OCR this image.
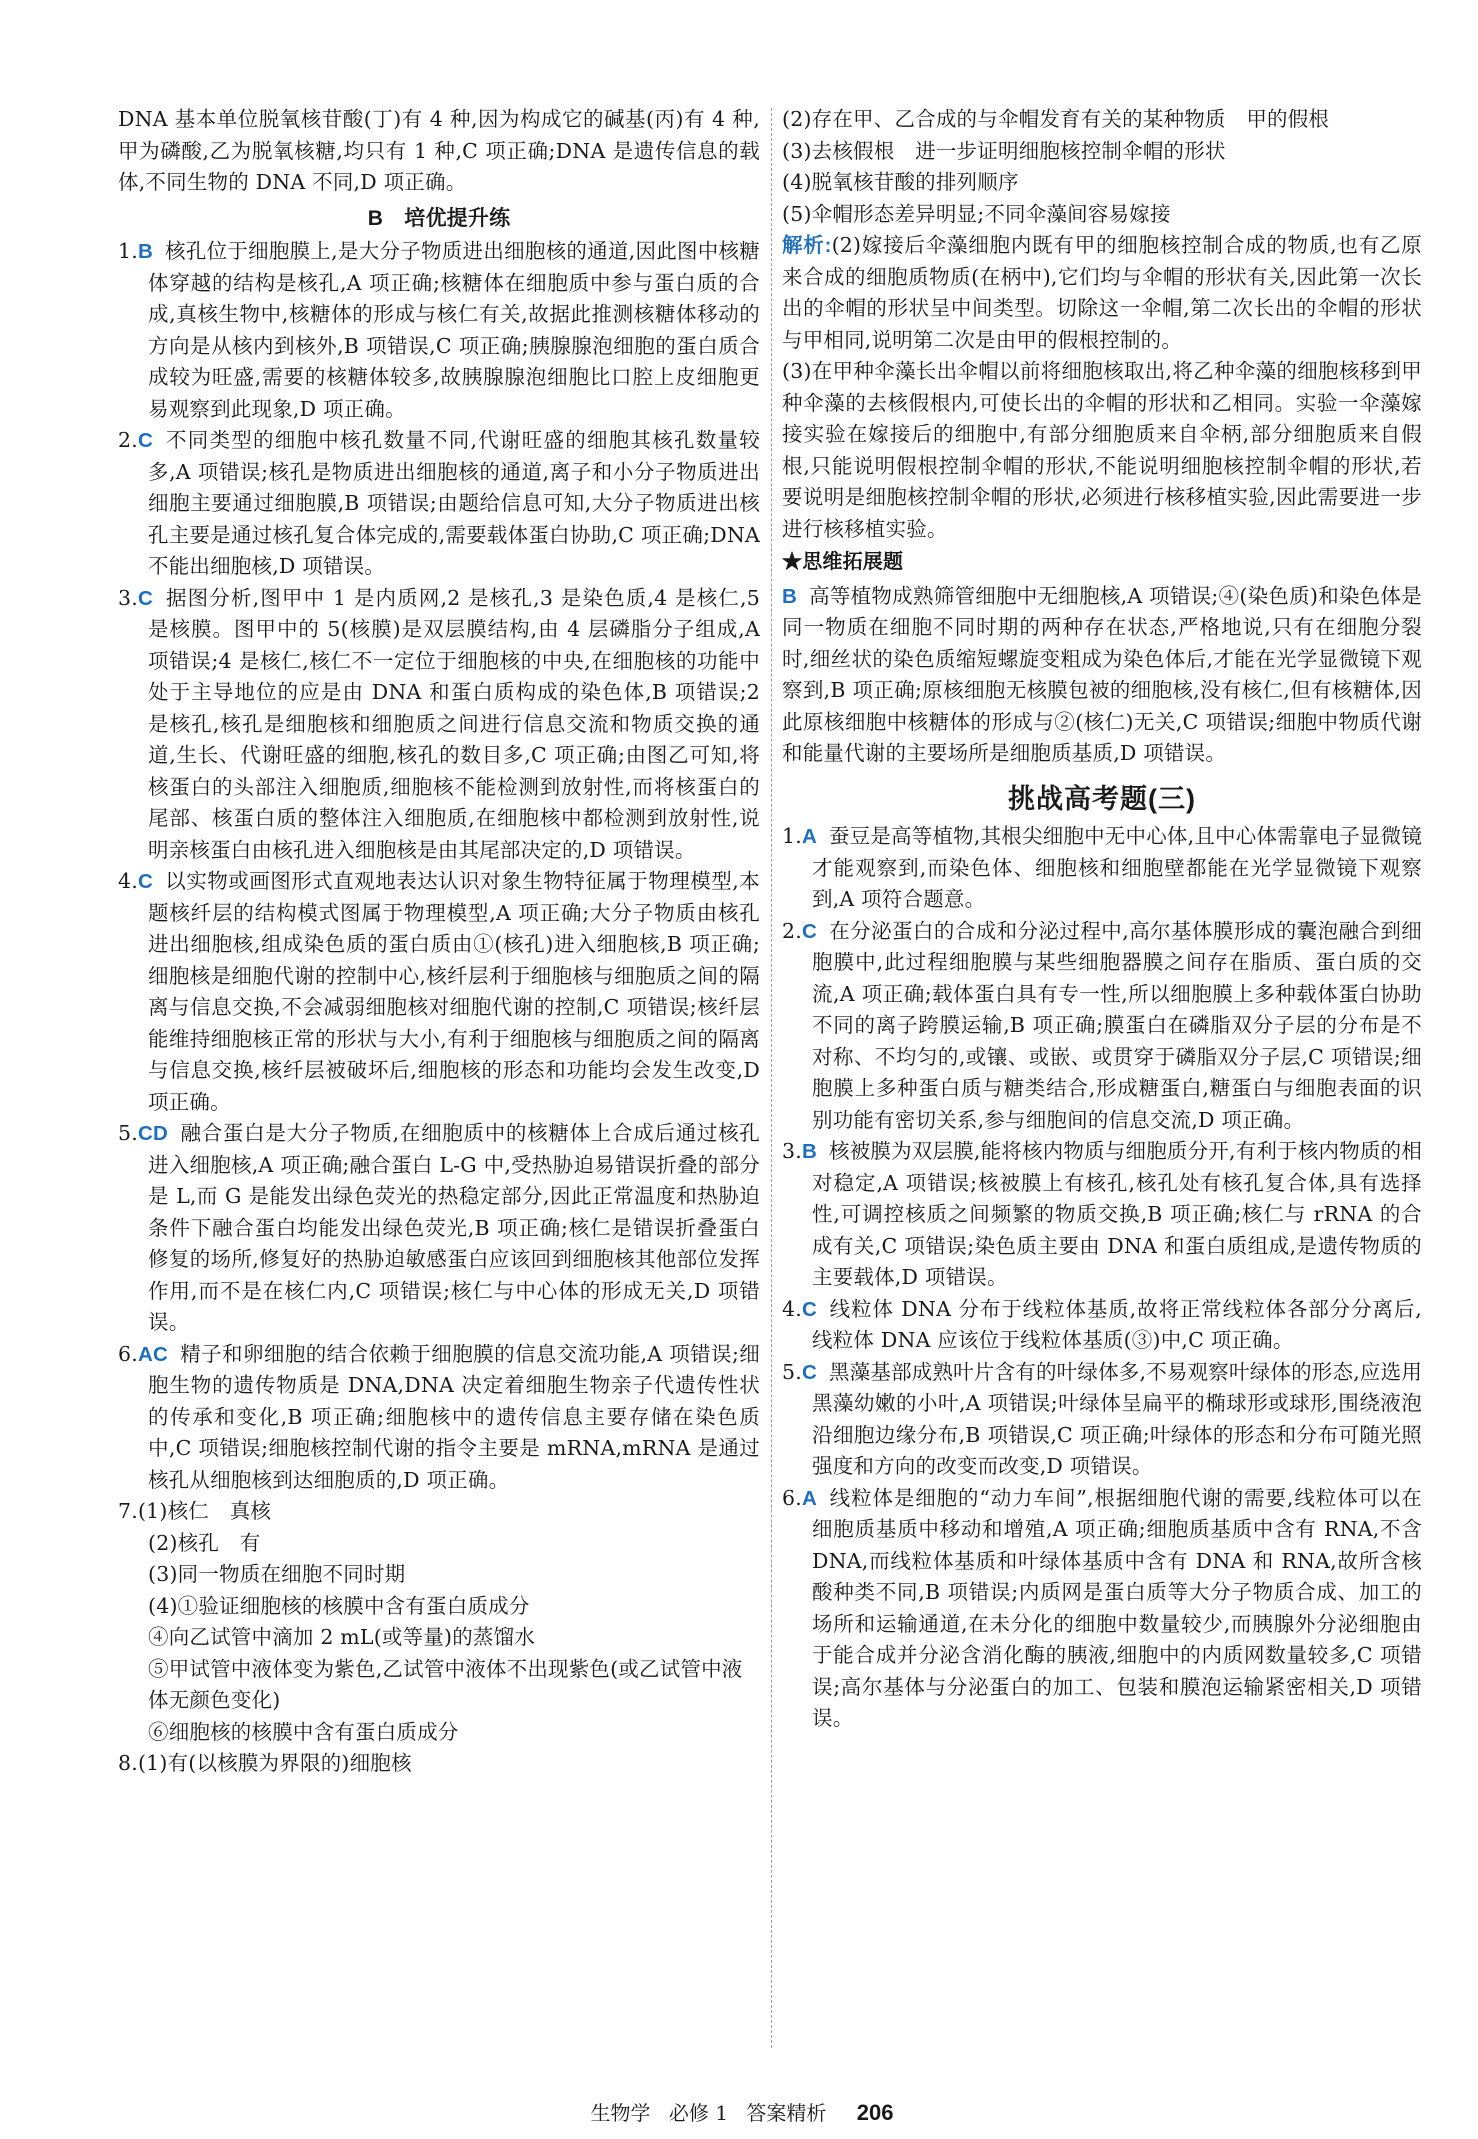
DNA 基本单位脱氧核苷酸(丁)有 4 种,因为构成它的碱基(丙)有 4 种,甲为磷酸,乙为脱氧核糖,均只有 1 种,C 项正确;DNA 是遗传信息的载体,不同生物的 DNA 不同,D 项正确。

B　培优提升练

1.B 核孔位于细胞膜上,是大分子物质进出细胞核的通道,因此图中核糖体穿越的结构是核孔,A 项正确;核糖体在细胞质中参与蛋白质的合成,真核生物中,核糖体的形成与核仁有关,故据此推测核糖体移动的方向是从核内到核外,B 项错误,C 项正确;胰腺腺泡细胞的蛋白质合成较为旺盛,需要的核糖体较多,故胰腺腺泡细胞比口腔上皮细胞更易观察到此现象,D 项正确。

2.C 不同类型的细胞中核孔数量不同,代谢旺盛的细胞其核孔数量较多,A 项错误;核孔是物质进出细胞核的通道,离子和小分子物质进出细胞主要通过细胞膜,B 项错误;由题给信息可知,大分子物质进出核孔主要是通过核孔复合体完成的,需要载体蛋白协助,C 项正确;DNA 不能出细胞核,D 项错误。

3.C 据图分析,图甲中 1 是内质网,2 是核孔,3 是染色质,4 是核仁,5 是核膜。图甲中的 5(核膜)是双层膜结构,由 4 层磷脂分子组成,A 项错误;4 是核仁,核仁不一定位于细胞核的中央,在细胞核的功能中处于主导地位的应是由 DNA 和蛋白质构成的染色体,B 项错误;2 是核孔,核孔是细胞核和细胞质之间进行信息交流和物质交换的通道,生长、代谢旺盛的细胞,核孔的数目多,C 项正确;由图乙可知,将核蛋白的头部注入细胞质,细胞核不能检测到放射性,而将核蛋白的尾部、核蛋白质的整体注入细胞质,在细胞核中都检测到放射性,说明亲核蛋白由核孔进入细胞核是由其尾部决定的,D 项错误。

4.C 以实物或画图形式直观地表达认识对象生物特征属于物理模型,本题核纤层的结构模式图属于物理模型,A 项正确;大分子物质由核孔进出细胞核,组成染色质的蛋白质由①(核孔)进入细胞核,B 项正确;细胞核是细胞代谢的控制中心,核纤层利于细胞核与细胞质之间的隔离与信息交换,不会减弱细胞核对细胞代谢的控制,C 项错误;核纤层能维持细胞核正常的形状与大小,有利于细胞核与细胞质之间的隔离与信息交换,核纤层被破坏后,细胞核的形态和功能均会发生改变,D 项正确。

5.CD 融合蛋白是大分子物质,在细胞质中的核糖体上合成后通过核孔进入细胞核,A 项正确;融合蛋白 L-G 中,受热胁迫易错误折叠的部分是 L,而 G 是能发出绿色荧光的热稳定部分,因此正常温度和热胁迫条件下融合蛋白均能发出绿色荧光,B 项正确;核仁是错误折叠蛋白修复的场所,修复好的热胁迫敏感蛋白应该回到细胞核其他部位发挥作用,而不是在核仁内,C 项错误;核仁与中心体的形成无关,D 项错误。

6.AC 精子和卵细胞的结合依赖于细胞膜的信息交流功能,A 项错误;细胞生物的遗传物质是 DNA,DNA 决定着细胞生物亲子代遗传性状的传承和变化,B 项正确;细胞核中的遗传信息主要存储在染色质中,C 项错误;细胞核控制代谢的指令主要是 mRNA,mRNA 是通过核孔从细胞核到达细胞质的,D 项正确。

7.(1)核仁　真核

(2)核孔　有

(3)同一物质在细胞不同时期

(4)①验证细胞核的核膜中含有蛋白质成分

④向乙试管中滴加 2 mL(或等量)的蒸馏水

⑤甲试管中液体变为紫色,乙试管中液体不出现紫色(或乙试管中液体无颜色变化)

⑥细胞核的核膜中含有蛋白质成分

8.(1)有(以核膜为界限的)细胞核

(2)存在甲、乙合成的与伞帽发育有关的某种物质　甲的假根

(3)去核假根　进一步证明细胞核控制伞帽的形状

(4)脱氧核苷酸的排列顺序

(5)伞帽形态差异明显;不同伞藻间容易嫁接

解析:(2)嫁接后伞藻细胞内既有甲的细胞核控制合成的物质,也有乙原来合成的细胞质物质(在柄中),它们均与伞帽的形状有关,因此第一次长出的伞帽的形状呈中间类型。切除这一伞帽,第二次长出的伞帽的形状与甲相同,说明第二次是由甲的假根控制的。

(3)在甲种伞藻长出伞帽以前将细胞核取出,将乙种伞藻的细胞核移到甲种伞藻的去核假根内,可使长出的伞帽的形状和乙相同。实验一伞藻嫁接实验在嫁接后的细胞中,有部分细胞质来自伞柄,部分细胞质来自假根,只能说明假根控制伞帽的形状,不能说明细胞核控制伞帽的形状,若要说明是细胞核控制伞帽的形状,必须进行核移植实验,因此需要进一步进行核移植实验。

★思维拓展题

B 高等植物成熟筛管细胞中无细胞核,A 项错误;④(染色质)和染色体是同一物质在细胞不同时期的两种存在状态,严格地说,只有在细胞分裂时,细丝状的染色质缩短螺旋变粗成为染色体后,才能在光学显微镜下观察到,B 项正确;原核细胞无核膜包被的细胞核,没有核仁,但有核糖体,因此原核细胞中核糖体的形成与②(核仁)无关,C 项错误;细胞中物质代谢和能量代谢的主要场所是细胞质基质,D 项错误。

挑战高考题(三)

1.A 蚕豆是高等植物,其根尖细胞中无中心体,且中心体需靠电子显微镜才能观察到,而染色体、细胞核和细胞壁都能在光学显微镜下观察到,A 项符合题意。

2.C 在分泌蛋白的合成和分泌过程中,高尔基体膜形成的囊泡融合到细胞膜中,此过程细胞膜与某些细胞器膜之间存在脂质、蛋白质的交流,A 项正确;载体蛋白具有专一性,所以细胞膜上多种载体蛋白协助不同的离子跨膜运输,B 项正确;膜蛋白在磷脂双分子层的分布是不对称、不均匀的,或镶、或嵌、或贯穿于磷脂双分子层,C 项错误;细胞膜上多种蛋白质与糖类结合,形成糖蛋白,糖蛋白与细胞表面的识别功能有密切关系,参与细胞间的信息交流,D 项正确。

3.B 核被膜为双层膜,能将核内物质与细胞质分开,有利于核内物质的相对稳定,A 项错误;核被膜上有核孔,核孔处有核孔复合体,具有选择性,可调控核质之间频繁的物质交换,B 项正确;核仁与 rRNA 的合成有关,C 项错误;染色质主要由 DNA 和蛋白质组成,是遗传物质的主要载体,D 项错误。

4.C 线粒体 DNA 分布于线粒体基质,故将正常线粒体各部分分离后,线粒体 DNA 应该位于线粒体基质(③)中,C 项正确。

5.C 黑藻基部成熟叶片含有的叶绿体多,不易观察叶绿体的形态,应选用黑藻幼嫩的小叶,A 项错误;叶绿体呈扁平的椭球形或球形,围绕液泡沿细胞边缘分布,B 项错误,C 项正确;叶绿体的形态和分布可随光照强度和方向的改变而改变,D 项错误。

6.A 线粒体是细胞的“动力车间”,根据细胞代谢的需要,线粒体可以在细胞质基质中移动和增殖,A 项正确;细胞质基质中含有 RNA,不含 DNA,而线粒体基质和叶绿体基质中含有 DNA 和 RNA,故所含核酸种类不同,B 项错误;内质网是蛋白质等大分子物质合成、加工的场所和运输通道,在未分化的细胞中数量较少,而胰腺外分泌细胞由于能合成并分泌含消化酶的胰液,细胞中的内质网数量较多,C 项错误;高尔基体与分泌蛋白的加工、包装和膜泡运输紧密相关,D 项错误。

生物学 必修 1 答案精析 206
